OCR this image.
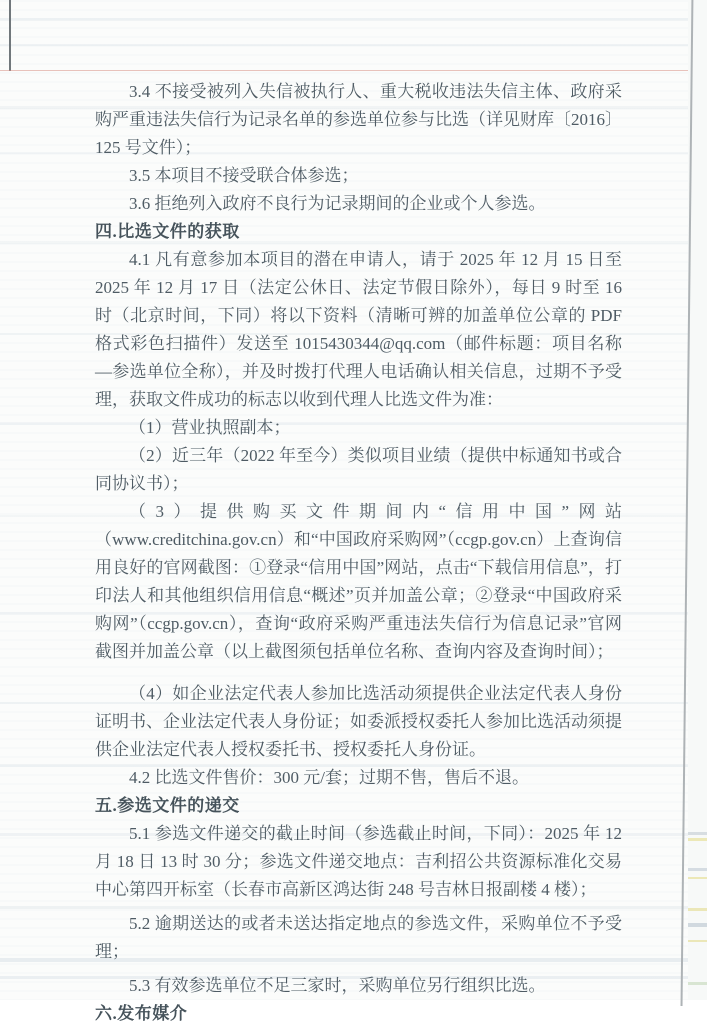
3.4 不接受被列入失信被执行人、重大税收违法失信主体、政府采购严重违法失信行为记录名单的参选单位参与比选（详见财库〔2016〕125 号文件）；

3.5 本项目不接受联合体参选；

3.6 拒绝列入政府不良行为记录期间的企业或个人参选。

四.比选文件的获取

4.1 凡有意参加本项目的潜在申请人，请于 2025 年 12 月 15 日至 2025 年 12 月 17 日（法定公休日、法定节假日除外），每日 9 时至 16 时（北京时间，下同）将以下资料（清晰可辨的加盖单位公章的 PDF 格式彩色扫描件）发送至 1015430344@qq.com（邮件标题：项目名称—参选单位全称），并及时拨打代理人电话确认相关信息，过期不予受理，获取文件成功的标志以收到代理人比选文件为准：

（1）营业执照副本；

（2）近三年（2022 年至今）类似项目业绩（提供中标通知书或合同协议书）；

（3）提供购买文件期间内“信用中国”网站（www.creditchina.gov.cn）和“中国政府采购网”（ccgp.gov.cn）上查询信用良好的官网截图：①登录“信用中国”网站，点击“下载信用信息”，打印法人和其他组织信用信息“概述”页并加盖公章；②登录“中国政府采购网”（ccgp.gov.cn），查询“政府采购严重违法失信行为信息记录”官网截图并加盖公章（以上截图须包括单位名称、查询内容及查询时间）；

（4）如企业法定代表人参加比选活动须提供企业法定代表人身份证明书、企业法定代表人身份证；如委派授权委托人参加比选活动须提供企业法定代表人授权委托书、授权委托人身份证。

4.2 比选文件售价：300 元/套；过期不售，售后不退。

五.参选文件的递交

5.1 参选文件递交的截止时间（参选截止时间，下同）：2025 年 12 月 18 日 13 时 30 分；参选文件递交地点：吉利招公共资源标准化交易中心第四开标室（长春市高新区鸿达街 248 号吉林日报副楼 4 楼）；

5.2 逾期送达的或者未送达指定地点的参选文件，采购单位不予受理；

5.3 有效参选单位不足三家时，采购单位另行组织比选。

六.发布媒介
